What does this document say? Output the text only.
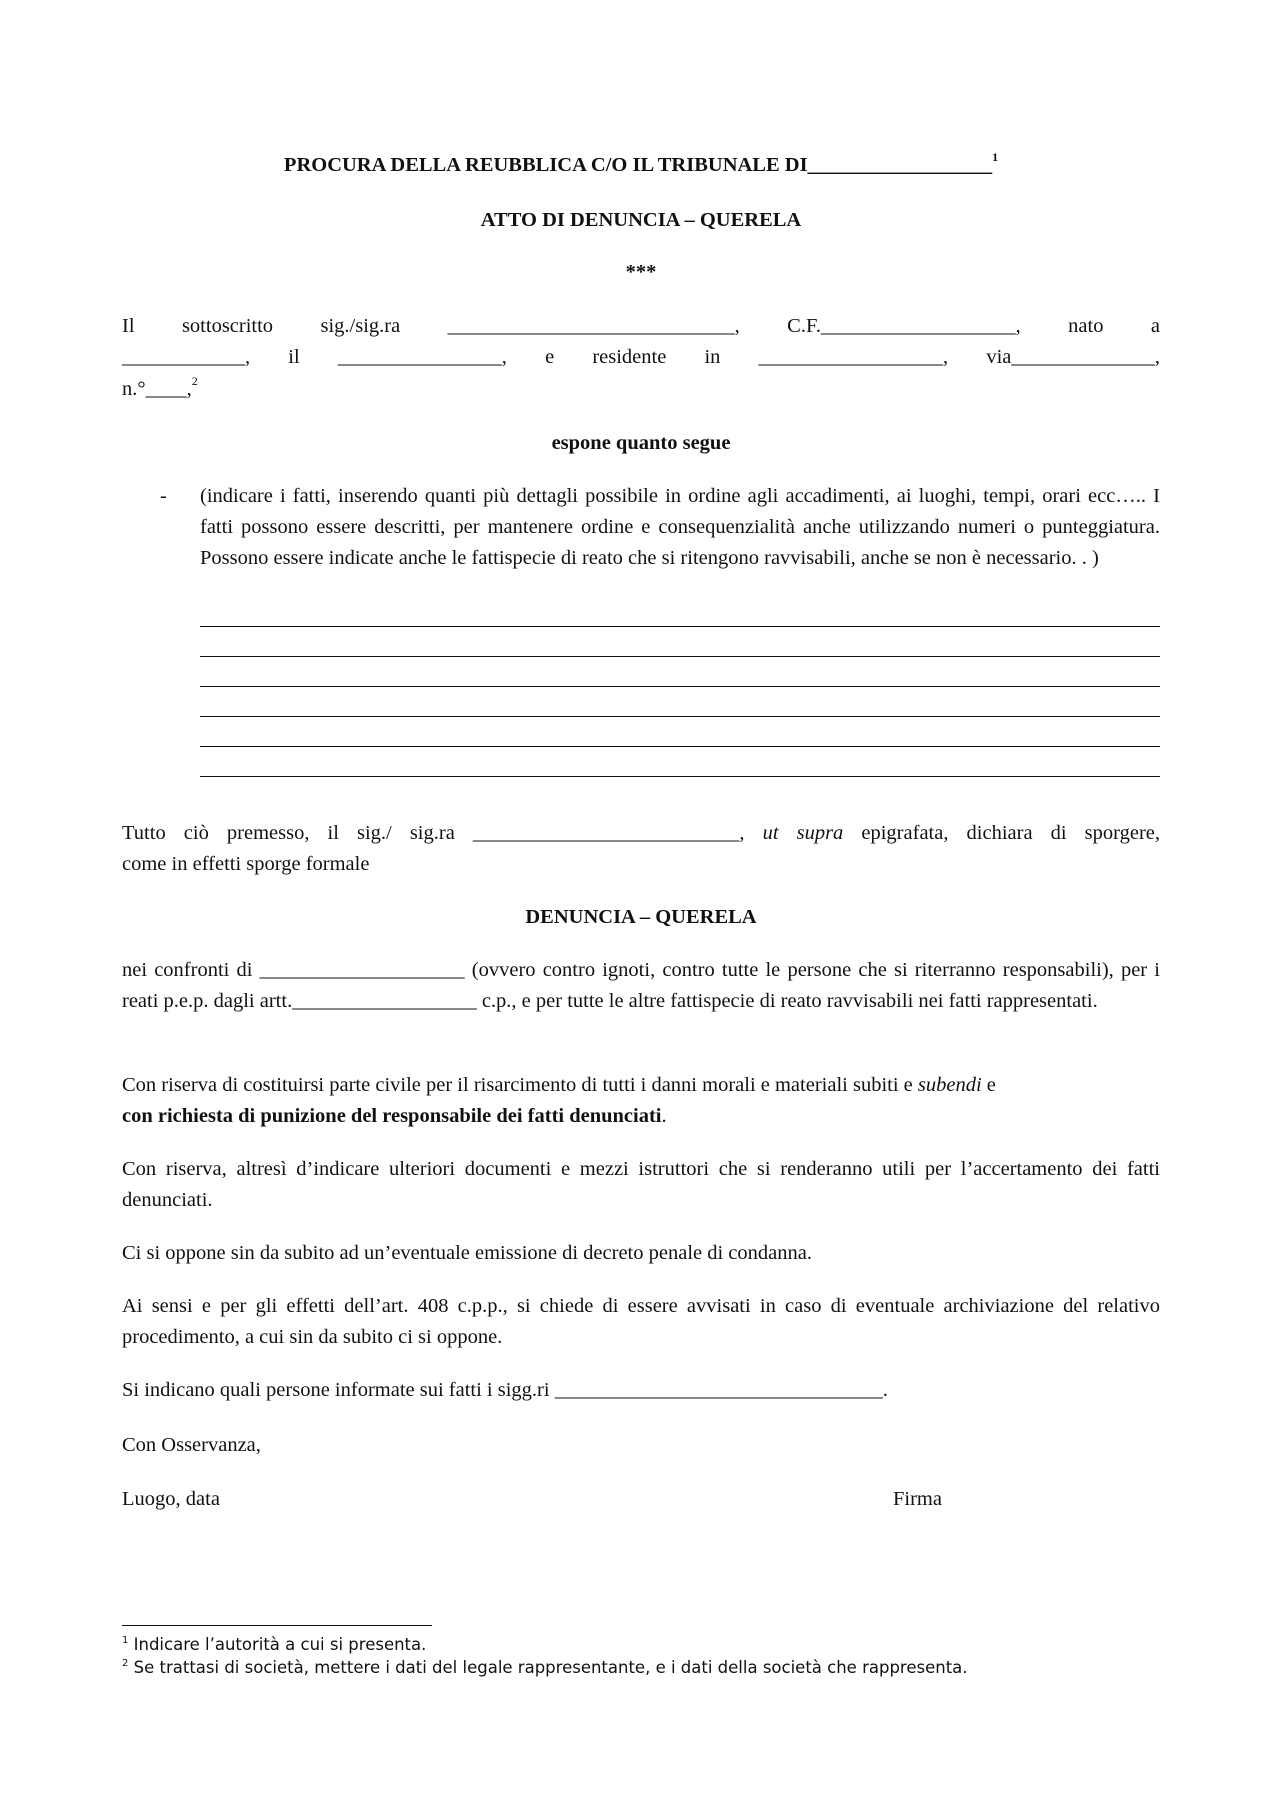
PROCURA DELLA REUBBLICA C/O IL TRIBUNALE DI__________________$^1$

ATTO DI DENUNCIA – QUERELA

***

Il sottoscritto sig./sig.ra ____________________________, C.F.___________________, nato a

____________, il ________________, e residente in __________________, via______________,

n.°____,$^2$

espone quanto segue

- (indicare i fatti, inserendo quanti più dettagli possibile in ordine agli accadimenti, ai luoghi, tempi, orari ecc….. I fatti possono essere descritti, per mantenere ordine e consequenzialità anche utilizzando numeri o punteggiatura. Possono essere indicate anche le fattispecie di reato che si ritengono ravvisabili, anche se non è necessario. . )

Tutto ciò premesso, il sig./ sig.ra __________________________, ut supra epigrafata, dichiara di sporgere,

come in effetti sporge formale

DENUNCIA – QUERELA

nei confronti di ____________________ (ovvero contro ignoti, contro tutte le persone che si riterranno responsabili), per i reati p.e.p. dagli artt.__________________ c.p., e per tutte le altre fattispecie di reato ravvisabili nei fatti rappresentati.

Con riserva di costituirsi parte civile per il risarcimento di tutti i danni morali e materiali subiti e subendi e
con richiesta di punizione del responsabile dei fatti denunciati.

Con riserva, altresì d’indicare ulteriori documenti e mezzi istruttori che si renderanno utili per l’accertamento dei fatti denunciati.

Ci si oppone sin da subito ad un’eventuale emissione di decreto penale di condanna.

Ai sensi e per gli effetti dell’art. 408 c.p.p., si chiede di essere avvisati in caso di eventuale archiviazione del relativo procedimento, a cui sin da subito ci si oppone.

Si indicano quali persone informate sui fatti i sigg.ri ________________________________.

Con Osservanza,

Luogo, data	Firma
$^1$ Indicare l’autorità a cui si presenta.
$^2$ Se trattasi di società, mettere i dati del legale rappresentante, e i dati della società che rappresenta.
